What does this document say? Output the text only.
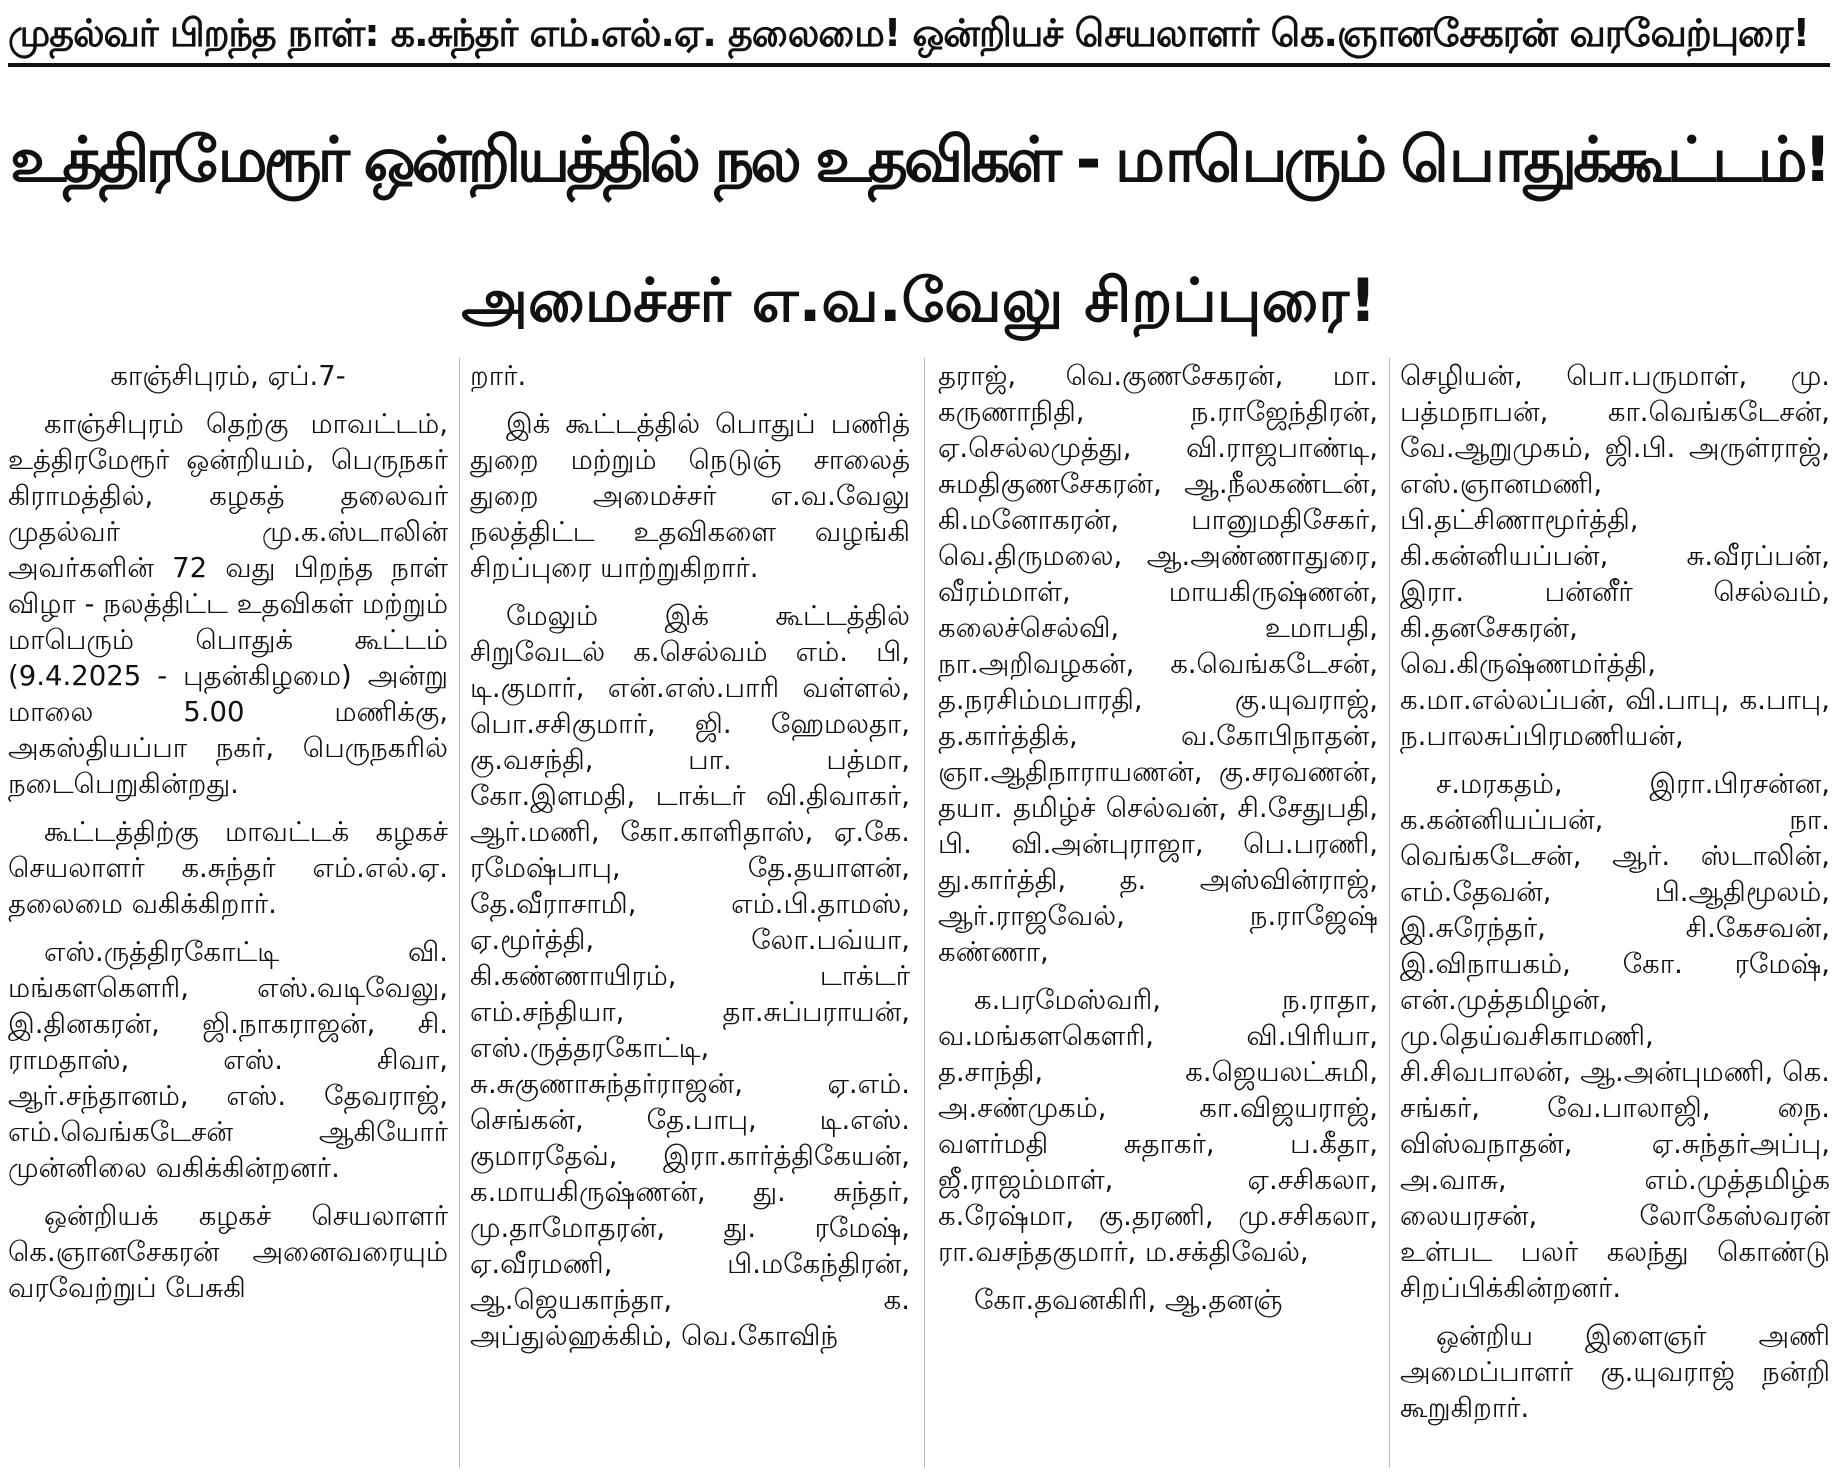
முதல்வர் பிறந்த நாள்: க.சுந்தர் எம்.எல்.ஏ. தலைமை! ஒன்றியச் செயலாளர் கெ.ஞானசேகரன் வரவேற்புரை!
உத்திரமேரூர் ஒன்றியத்தில் நல உதவிகள் - மாபெரும் பொதுக்கூட்டம்!
அமைச்சர் எ.வ.வேலு சிறப்புரை!

காஞ்சிபுரம், ஏப்.7-

காஞ்சிபுரம் தெற்கு மாவட்டம், உத்திரமேரூர் ஒன்றியம், பெருநகர் கிராமத்தில், கழகத் தலைவர் முதல்வர் மு.க.ஸ்டாலின் அவர்களின் 72 வது பிறந்த நாள் விழா - நலத்திட்ட உதவிகள் மற்றும் மாபெரும் பொதுக் கூட்டம் (9.4.2025 - புதன்கிழமை) அன்று மாலை 5.00 மணிக்கு, அகஸ்தியப்பா நகர், பெருநகரில் நடைபெறுகின்றது.

கூட்டத்திற்கு மாவட்டக் கழகச் செயலாளர் க.சுந்தர் எம்.எல்.ஏ. தலைமை வகிக்கிறார்.

எஸ்.ருத்திரகோட்டி வி. மங்களகௌரி, எஸ்.வடிவேலு, இ.தினகரன், ஜி.நாகராஜன், சி. ராமதாஸ், எஸ். சிவா, ஆர்.சந்தானம், எஸ். தேவராஜ், எம்.வெங்கடேசன் ஆகியோர் முன்னிலை வகிக்கின்றனர்.

ஒன்றியக் கழகச் செயலாளர் கெ.ஞானசேகரன் அனைவரையும் வரவேற்றுப் பேசுகி

றார்.

இக் கூட்டத்தில் பொதுப் பணித் துறை மற்றும் நெடுஞ் சாலைத் துறை அமைச்சர் எ.வ.வேலு நலத்திட்ட உதவிகளை வழங்கி சிறப்புரை யாற்றுகிறார்.

மேலும் இக் கூட்டத்தில் சிறுவேடல் க.செல்வம் எம். பி, டி.குமார், என்.எஸ்.பாரி வள்ளல், பொ.சசிகுமார், ஜி. ஹேமலதா, கு.வசந்தி, பா. பத்மா, கோ.இளமதி, டாக்டர் வி.திவாகர், ஆர்.மணி, கோ.காளிதாஸ், ஏ.கே. ரமேஷ்பாபு, தே.தயாளன், தே.வீராசாமி, எம்.பி.தாமஸ், ஏ.மூர்த்தி, லோ.பவ்யா, கி.கண்ணாயிரம், டாக்டர் எம்.சந்தியா, தா.சுப்பராயன், எஸ்.ருத்தரகோட்டி, சு.சுகுணாசுந்தர்ராஜன், ஏ.எம். செங்கன், தே.பாபு, டி.எஸ். குமாரதேவ், இரா.கார்த்திகேயன், க.மாயகிருஷ்ணன், து. சுந்தர், மு.தாமோதரன், து. ரமேஷ், ஏ.வீரமணி, பி.மகேந்திரன், ஆ.ஜெயகாந்தா, க. அப்துல்ஹக்கிம், வெ.கோவிந்

தராஜ், வெ.குணசேகரன், மா. கருணாநிதி, ந.ராஜேந்திரன், ஏ.செல்லமுத்து, வி.ராஜபாண்டி, சுமதிகுணசேகரன், ஆ.நீலகண்டன், கி.மனோகரன், பானுமதிசேகர், வெ.திருமலை, ஆ.அண்ணாதுரை, வீரம்மாள், மாயகிருஷ்ணன், கலைச்செல்வி, உமாபதி, நா.அறிவழகன், க.வெங்கடேசன், த.நரசிம்மபாரதி, கு.யுவராஜ், த.கார்த்திக், வ.கோபிநாதன், ஞா.ஆதிநாராயணன், கு.சரவணன், தயா. தமிழ்ச் செல்வன், சி.சேதுபதி, பி. வி.அன்புராஜா, பெ.பரணி, து.கார்த்தி, த. அஸ்வின்ராஜ், ஆர்.ராஜவேல், ந.ராஜேஷ் கண்ணா,

க.பரமேஸ்வரி, ந.ராதா, வ.மங்களகௌரி, வி.பிரியா, த.சாந்தி, க.ஜெயலட்சுமி, அ.சண்முகம், கா.விஜயராஜ், வளர்மதி சுதாகர், ப.கீதா, ஜீ.ராஜம்மாள், ஏ.சசிகலா, க.ரேஷ்மா, கு.தரணி, மு.சசிகலா, ரா.வசந்தகுமார், ம.சக்திவேல்,

கோ.தவனகிரி, ஆ.தனஞ்

செழியன், பொ.பருமாள், மு. பத்மநாபன், கா.வெங்கடேசன், வே.ஆறுமுகம், ஜி.பி. அருள்ராஜ், எஸ்.ஞானமணி, பி.தட்சிணாமூர்த்தி, கி.கன்னியப்பன், சு.வீரப்பன், இரா. பன்னீர் செல்வம், கி.தனசேகரன், வெ.கிருஷ்ணமர்த்தி, க.மா.எல்லப்பன், வி.பாபு, க.பாபு, ந.பாலசுப்பிரமணியன்,

ச.மரகதம், இரா.பிரசன்ன, க.கன்னியப்பன், நா. வெங்கடேசன், ஆர். ஸ்டாலின், எம்.தேவன், பி.ஆதிமூலம், இ.சுரேந்தர், சி.கேசவன், இ.விநாயகம், கோ. ரமேஷ், என்.முத்தமிழன், மு.தெய்வசிகாமணி, சி.சிவபாலன், ஆ.அன்புமணி, கெ. சங்கர், வே.பாலாஜி, நை. விஸ்வநாதன், ஏ.சுந்தர்அப்பு, அ.வாசு, எம்.முத்தமிழ்க லையரசன், லோகேஸ்வரன் உள்பட பலர் கலந்து கொண்டு சிறப்பிக்கின்றனர்.

ஒன்றிய இளைஞர் அணி அமைப்பாளர் கு.யுவராஜ் நன்றி கூறுகிறார்.
